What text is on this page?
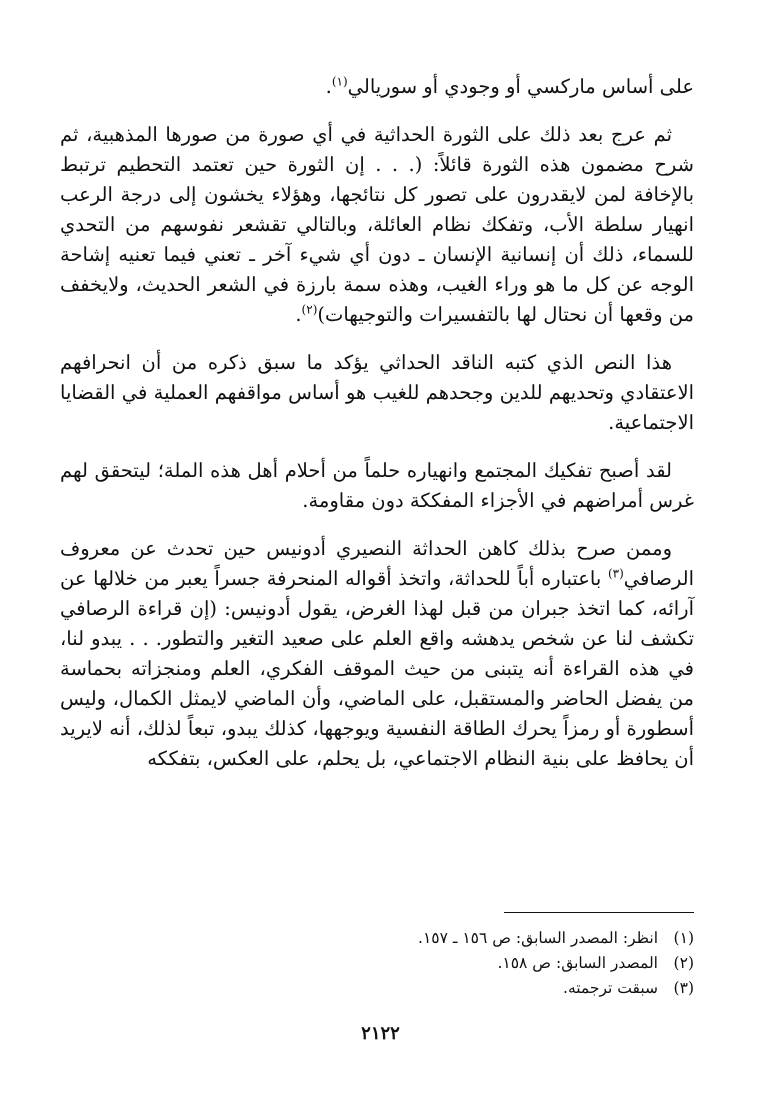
على أساس ماركسي أو وجودي أو سوريالي$^{(١)}$.

ثم عرج بعد ذلك على الثورة الحداثية في أي صورة من صورها المذهبية، ثم شرح مضمون هذه الثورة قائلاً: (. . . إن الثورة حين تعتمد التحطيم ترتبط بالإخافة لمن لايقدرون على تصور كل نتائجها، وهؤلاء يخشون إلى درجة الرعب انهيار سلطة الأب، وتفكك نظام العائلة، وبالتالي تقشعر نفوسهم من التحدي للسماء، ذلك أن إنسانية الإنسان ـ دون أي شيء آخر ـ تعني فيما تعنيه إشاحة الوجه عن كل ما هو وراء الغيب، وهذه سمة بارزة في الشعر الحديث، ولايخفف من وقعها أن نحتال لها بالتفسيرات والتوجيهات)$^{(٢)}$.

هذا النص الذي كتبه الناقد الحداثي يؤكد ما سبق ذكره من أن انحرافهم الاعتقادي وتحديهم للدين وجحدهم للغيب هو أساس مواقفهم العملية في القضايا الاجتماعية.

لقد أصبح تفكيك المجتمع وانهياره حلماً من أحلام أهل هذه الملة؛ ليتحقق لهم غرس أمراضهم في الأجزاء المفككة دون مقاومة.

وممن صرح بذلك كاهن الحداثة النصيري أدونيس حين تحدث عن معروف الرصافي$^{(٣)}$ باعتباره أباً للحداثة، واتخذ أقواله المنحرفة جسراً يعبر من خلالها عن آرائه، كما اتخذ جبران من قبل لهذا الغرض، يقول أدونيس: (إن قراءة الرصافي تكشف لنا عن شخص يدهشه واقع العلم على صعيد التغير والتطور. . . يبدو لنا، في هذه القراءة أنه يتبنى من حيث الموقف الفكري، العلم ومنجزاته بحماسة من يفضل الحاضر والمستقبل، على الماضي، وأن الماضي لايمثل الكمال، وليس أسطورة أو رمزاً يحرك الطاقة النفسية ويوجهها، كذلك يبدو، تبعاً لذلك، أنه لايريد أن يحافظ على بنية النظام الاجتماعي، بل يحلم، على العكس، بتفككه

(١)
انظر: المصدر السابق: ص ١٥٦ ـ ١٥٧.
(٢)
المصدر السابق: ص ١٥٨.
(٣)
سبقت ترجمته.
٢١٢٢
